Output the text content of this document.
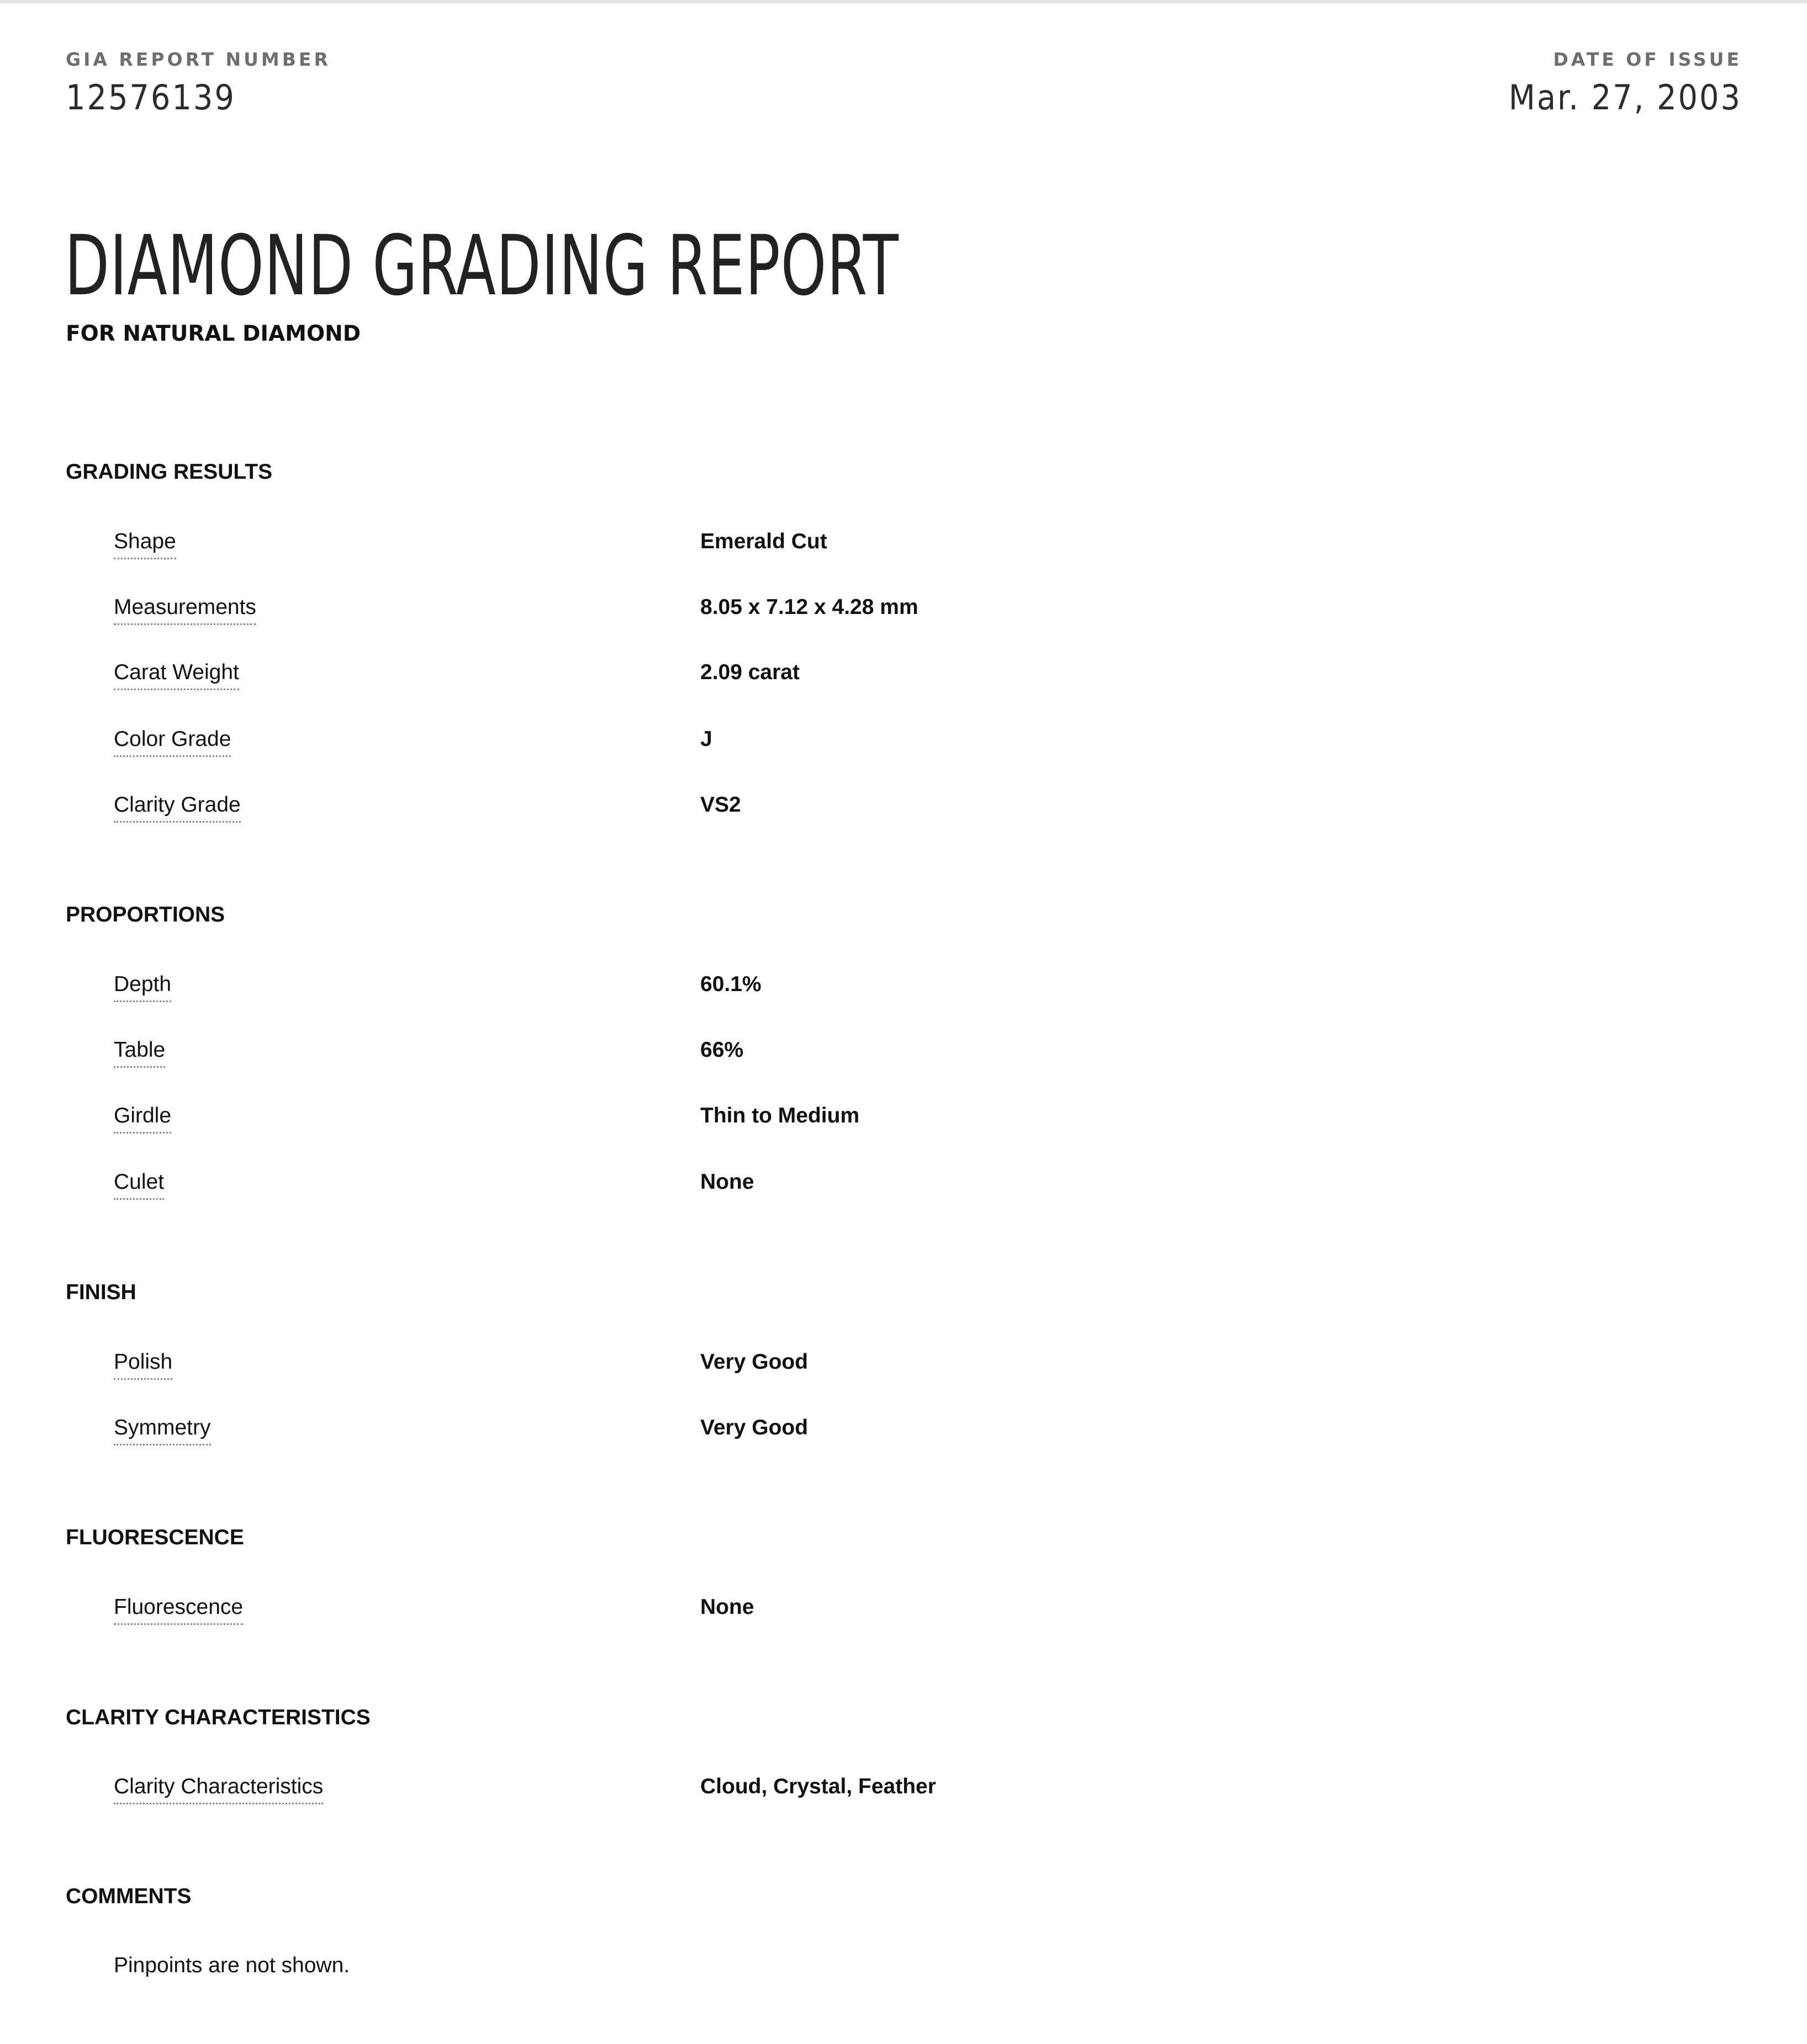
GIA REPORT NUMBER
12576139
DATE OF ISSUE
Mar. 27, 2003
DIAMOND GRADING REPORT
FOR NATURAL DIAMOND
GRADING RESULTS
Shape	Emerald Cut
Measurements	8.05 x 7.12 x 4.28 mm
Carat Weight	2.09 carat
Color Grade	J
Clarity Grade	VS2
PROPORTIONS
Depth	60.1%
Table	66%
Girdle	Thin to Medium
Culet	None
FINISH
Polish	Very Good
Symmetry	Very Good
FLUORESCENCE
Fluorescence	None
CLARITY CHARACTERISTICS
Clarity Characteristics	Cloud, Crystal, Feather
COMMENTS
Pinpoints are not shown.
